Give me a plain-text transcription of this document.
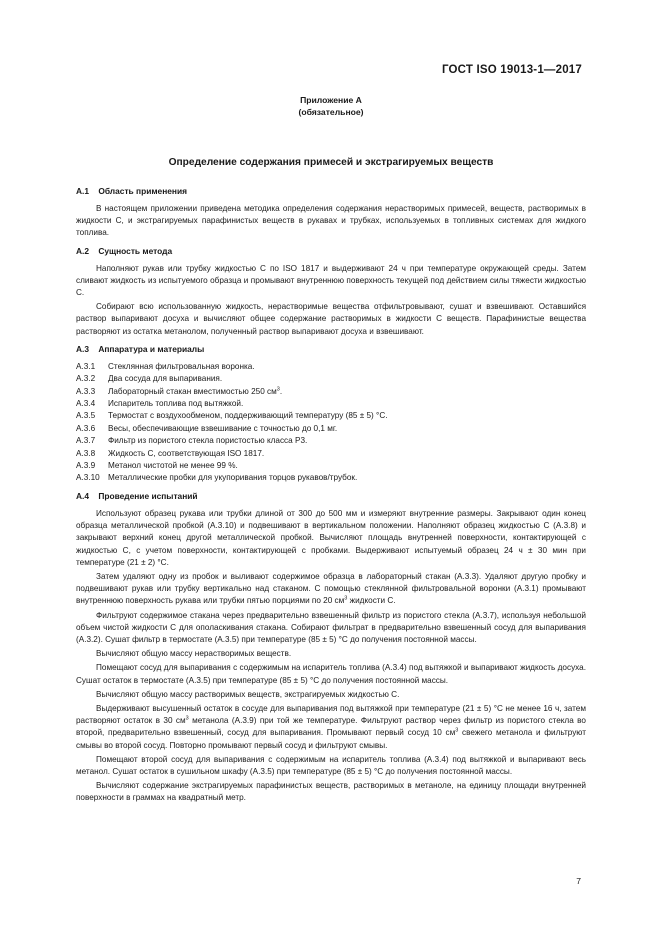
ГОСТ ISO 19013-1—2017
Приложение А
(обязательное)
Определение содержания примесей и экстрагируемых веществ
А.1 Область применения

В настоящем приложении приведена методика определения содержания нерастворимых примесей, веществ, растворимых в жидкости С, и экстрагируемых парафинистых веществ в рукавах и трубках, используемых в топливных системах для жидкого топлива.

А.2 Сущность метода

Наполняют рукав или трубку жидкостью С по ISO 1817 и выдерживают 24 ч при температуре окружающей среды. Затем сливают жидкость из испытуемого образца и промывают внутреннюю поверхность текущей под действием силы тяжести жидкостью С.

Собирают всю использованную жидкость, нерастворимые вещества отфильтровывают, сушат и взвешивают. Оставшийся раствор выпаривают досуха и вычисляют общее содержание растворимых в жидкости С веществ. Парафинистые вещества растворяют из остатка метанолом, полученный раствор выпаривают досуха и взвешивают.

А.3 Аппаратура и материалы
А.3.1 Стеклянная фильтровальная воронка.
А.3.2 Два сосуда для выпаривания.
А.3.3 Лабораторный стакан вместимостью 250 $см^3$.
А.3.4 Испаритель топлива под вытяжкой.
А.3.5 Термостат с воздухообменом, поддерживающий температуру (85 ± 5) °С.
А.3.6 Весы, обеспечивающие взвешивание с точностью до 0,1 мг.
А.3.7 Фильтр из пористого стекла пористостью класса Р3.
А.3.8 Жидкость С, соответствующая ISO 1817.
А.3.9 Метанол чистотой не менее 99 %.
А.3.10 Металлические пробки для укупоривания торцов рукавов/трубок.
А.4 Проведение испытаний

Используют образец рукава или трубки длиной от 300 до 500 мм и измеряют внутренние размеры. Закрывают один конец образца металлической пробкой (А.3.10) и подвешивают в вертикальном положении. Наполняют образец жидкостью С (А.3.8) и закрывают верхний конец другой металлической пробкой. Вычисляют площадь внутренней поверхности, контактирующей с жидкостью С, с учетом поверхности, контактирующей с пробками. Выдерживают испытуемый образец 24 ч ± 30 мин при температуре (21 ± 2) °С.

Затем удаляют одну из пробок и выливают содержимое образца в лабораторный стакан (А.3.3). Удаляют другую пробку и подвешивают рукав или трубку вертикально над стаканом. С помощью стеклянной фильтровальной воронки (А.3.1) промывают внутреннюю поверхность рукава или трубки пятью порциями по 20 $см^3$ жидкости С.

Фильтруют содержимое стакана через предварительно взвешенный фильтр из пористого стекла (А.3.7), используя небольшой объем чистой жидкости С для ополаскивания стакана. Собирают фильтрат в предварительно взвешенный сосуд для выпаривания (А.3.2). Сушат фильтр в термостате (А.3.5) при температуре (85 ± 5) °С до получения постоянной массы.

Вычисляют общую массу нерастворимых веществ.

Помещают сосуд для выпаривания с содержимым на испаритель топлива (А.3.4) под вытяжкой и выпаривают жидкость досуха. Сушат остаток в термостате (А.3.5) при температуре (85 ± 5) °С до получения постоянной массы.

Вычисляют общую массу растворимых веществ, экстрагируемых жидкостью С.

Выдерживают высушенный остаток в сосуде для выпаривания под вытяжкой при температуре (21 ± 5) °С не менее 16 ч, затем растворяют остаток в 30 $см^3$ метанола (А.3.9) при той же температуре. Фильтруют раствор через фильтр из пористого стекла во второй, предварительно взвешенный, сосуд для выпаривания. Промывают первый сосуд 10 $см^3$ свежего метанола и фильтруют смывы во второй сосуд. Повторно промывают первый сосуд и фильтруют смывы.

Помещают второй сосуд для выпаривания с содержимым на испаритель топлива (А.3.4) под вытяжкой и выпаривают весь метанол. Сушат остаток в сушильном шкафу (А.3.5) при температуре (85 ± 5) °С до получения постоянной массы.

Вычисляют содержание экстрагируемых парафинистых веществ, растворимых в метаноле, на единицу площади внутренней поверхности в граммах на квадратный метр.

7
